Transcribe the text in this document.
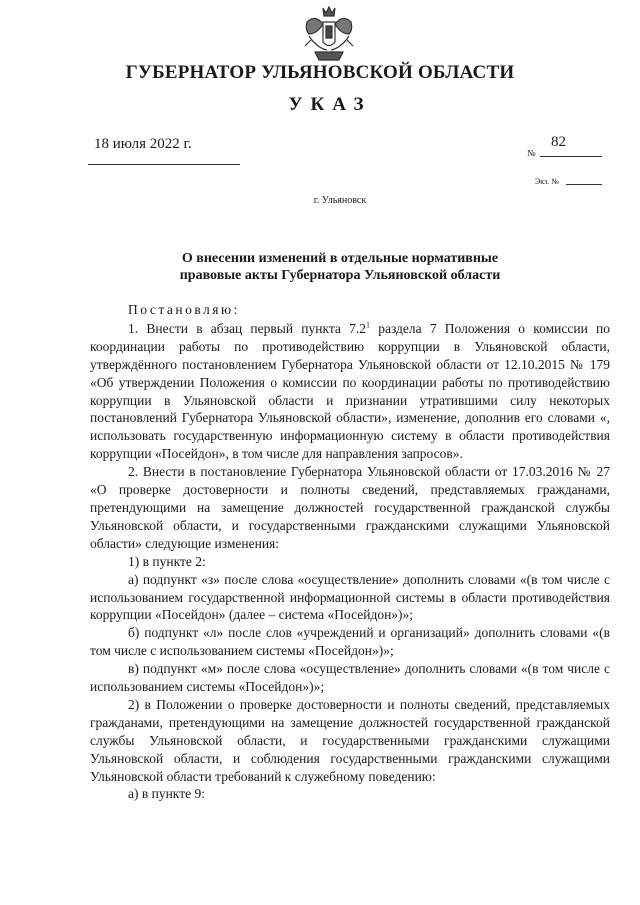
ГУБЕРНАТОР УЛЬЯНОВСКОЙ ОБЛАСТИ
УКАЗ
18 июля 2022 г.
№
82
Экз. №
г. Ульяновск
О внесении изменений в отдельные нормативные
правовые акты Губернатора Ульяновской области

Постановляю:

1. Внести в абзац первый пункта $7.2^1$ раздела 7 Положения о комиссии по координации работы по противодействию коррупции в Ульяновской области, утверждённого постановлением Губернатора Ульяновской области от 12.10.2015 № 179 «Об утверждении Положения о комиссии по координации работы по противодействию коррупции в Ульяновской области и признании утратившими силу некоторых постановлений Губернатора Ульяновской области», изменение, дополнив его словами «, использовать государственную информационную систему в области противодействия коррупции «Посейдон», в том числе для направления запросов».

2. Внести в постановление Губернатора Ульяновской области от 17.03.2016 № 27 «О проверке достоверности и полноты сведений, представляемых гражданами, претендующими на замещение должностей государственной гражданской службы Ульяновской области, и государственными гражданскими служащими Ульяновской области» следующие изменения:

1) в пункте 2:

а) подпункт «з» после слова «осуществление» дополнить словами «(в том числе с использованием государственной информационной системы в области противодействия коррупции «Посейдон» (далее – система «Посейдон»)»;

б) подпункт «л» после слов «учреждений и организаций» дополнить словами «(в том числе с использованием системы «Посейдон»)»;

в) подпункт «м» после слова «осуществление» дополнить словами «(в том числе с использованием системы «Посейдон»)»;

2) в Положении о проверке достоверности и полноты сведений, представляемых гражданами, претендующими на замещение должностей государственной гражданской службы Ульяновской области, и государственными гражданскими служащими Ульяновской области, и соблюдения государственными гражданскими служащими Ульяновской области требований к служебному поведению:

а) в пункте 9:
